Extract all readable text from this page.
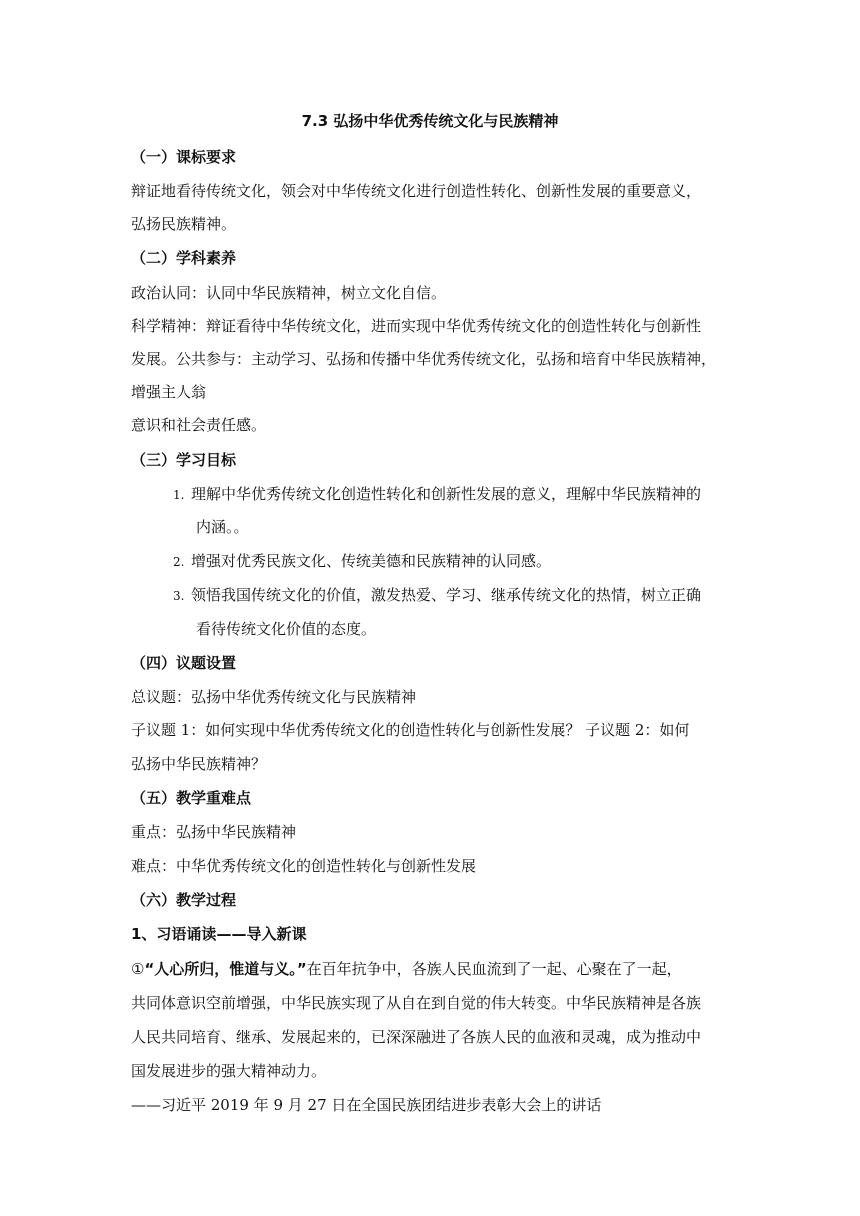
7.3 弘扬中华优秀传统文化与民族精神
（一）课标要求
辩证地看待传统文化，领会对中华传统文化进行创造性转化、创新性发展的重要意义，
弘扬民族精神。
（二）学科素养
政治认同：认同中华民族精神，树立文化自信。
科学精神：辩证看待中华传统文化，进而实现中华优秀传统文化的创造性转化与创新性
发展。公共参与：主动学习、弘扬和传播中华优秀传统文化，弘扬和培育中华民族精神，
增强主人翁
意识和社会责任感。
（三）学习目标
1. 理解中华优秀传统文化创造性转化和创新性发展的意义，理解中华民族精神的
内涵。。
2. 增强对优秀民族文化、传统美德和民族精神的认同感。
3. 领悟我国传统文化的价值，激发热爱、学习、继承传统文化的热情，树立正确
看待传统文化价值的态度。
（四）议题设置
总议题：弘扬中华优秀传统文化与民族精神
子议题 1：如何实现中华优秀传统文化的创造性转化与创新性发展？ 子议题 2：如何
弘扬中华民族精神？
（五）教学重难点
重点：弘扬中华民族精神
难点：中华优秀传统文化的创造性转化与创新性发展
（六）教学过程
1、习语诵读——导入新课
①“人心所归，惟道与义。”在百年抗争中，各族人民血流到了一起、心聚在了一起，
共同体意识空前增强，中华民族实现了从自在到自觉的伟大转变。中华民族精神是各族
人民共同培育、继承、发展起来的，已深深融进了各族人民的血液和灵魂，成为推动中
国发展进步的强大精神动力。
——习近平 2019 年 9 月 27 日在全国民族团结进步表彰大会上的讲话
